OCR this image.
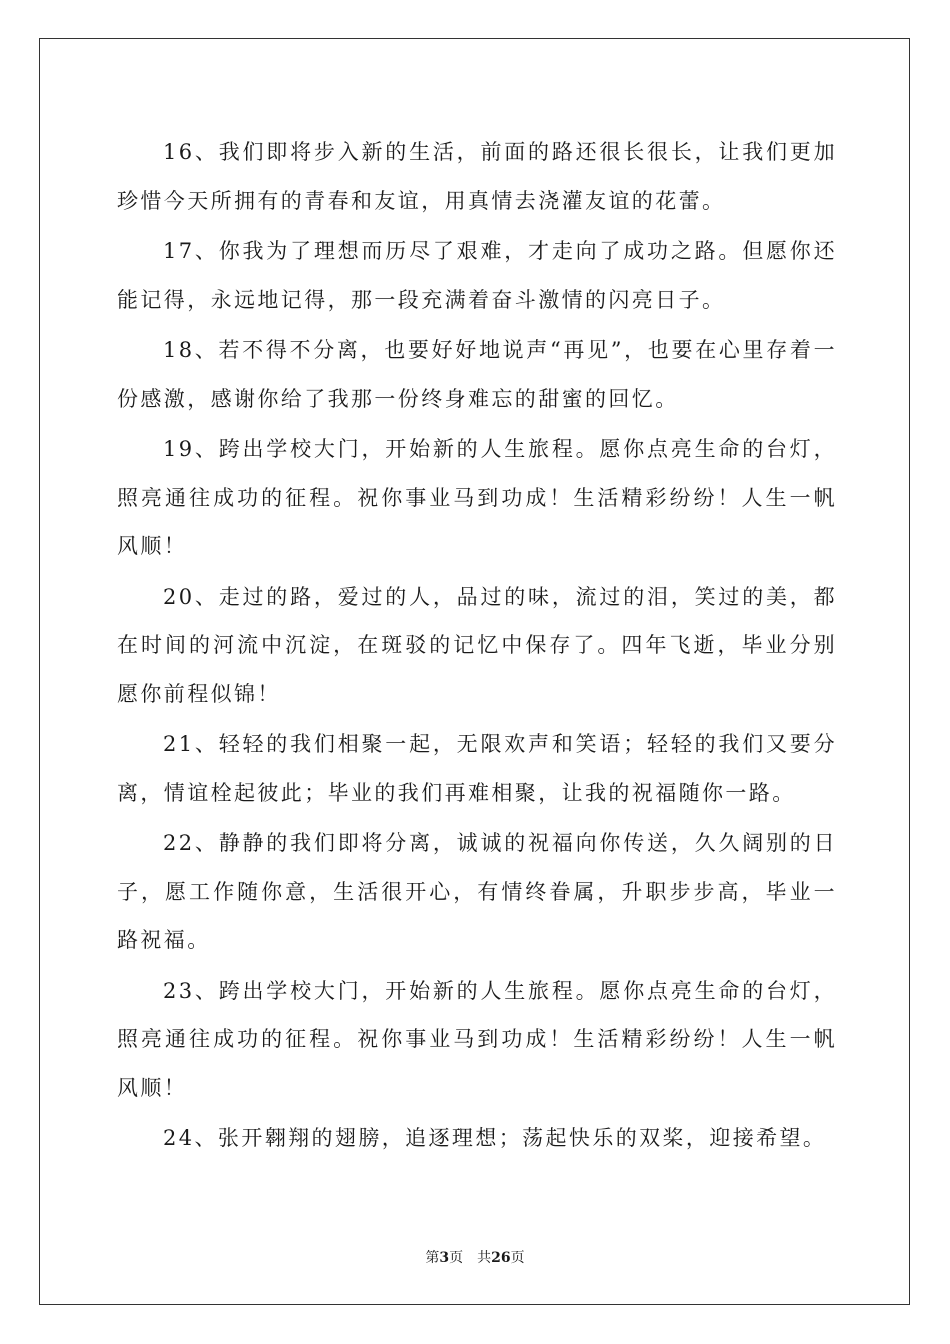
16、我们即将步入新的生活，前面的路还很长很长，让我们更加珍惜今天所拥有的青春和友谊，用真情去浇灌友谊的花蕾。

17、你我为了理想而历尽了艰难，才走向了成功之路。但愿你还能记得，永远地记得，那一段充满着奋斗激情的闪亮日子。

18、若不得不分离，也要好好地说声“再见”，也要在心里存着一份感激，感谢你给了我那一份终身难忘的甜蜜的回忆。

19、跨出学校大门，开始新的人生旅程。愿你点亮生命的台灯，照亮通往成功的征程。祝你事业马到功成！生活精彩纷纷！人生一帆风顺！

20、走过的路，爱过的人，品过的味，流过的泪，笑过的美，都在时间的河流中沉淀，在斑驳的记忆中保存了。四年飞逝，毕业分别愿你前程似锦！

21、轻轻的我们相聚一起，无限欢声和笑语；轻轻的我们又要分离，情谊栓起彼此；毕业的我们再难相聚，让我的祝福随你一路。

22、静静的我们即将分离，诚诚的祝福向你传送，久久阔别的日子，愿工作随你意，生活很开心，有情终眷属，升职步步高，毕业一路祝福。

23、跨出学校大门，开始新的人生旅程。愿你点亮生命的台灯，照亮通往成功的征程。祝你事业马到功成！生活精彩纷纷！人生一帆风顺！

24、张开翱翔的翅膀，追逐理想；荡起快乐的双桨，迎接希望。

第3页 共26页
